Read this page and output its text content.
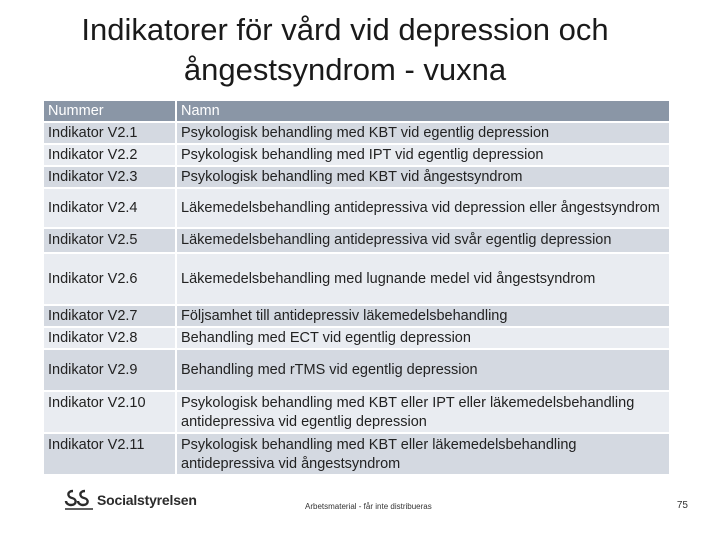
Indikatorer för vård vid depression och
ångestsyndrom - vuxna
Nummer	Namn
Indikator V2.1	Psykologisk behandling med KBT vid egentlig depression
Indikator V2.2	Psykologisk behandling med IPT vid egentlig depression
Indikator V2.3	Psykologisk behandling med KBT vid ångestsyndrom
Indikator V2.4	Läkemedelsbehandling antidepressiva vid depression eller ångestsyndrom
Indikator V2.5	Läkemedelsbehandling antidepressiva vid svår egentlig depression
Indikator V2.6	Läkemedelsbehandling med lugnande medel vid ångestsyndrom
Indikator V2.7	Följsamhet till antidepressiv läkemedelsbehandling
Indikator V2.8	Behandling med ECT vid egentlig depression
Indikator V2.9	Behandling med rTMS vid egentlig depression
Indikator V2.10	Psykologisk behandling med KBT eller IPT eller läkemedelsbehandling antidepressiva vid egentlig depression
Indikator V2.11	Psykologisk behandling med KBT eller läkemedelsbehandling antidepressiva vid ångestsyndrom
Socialstyrelsen	Arbetsmaterial - får inte distribueras	75
